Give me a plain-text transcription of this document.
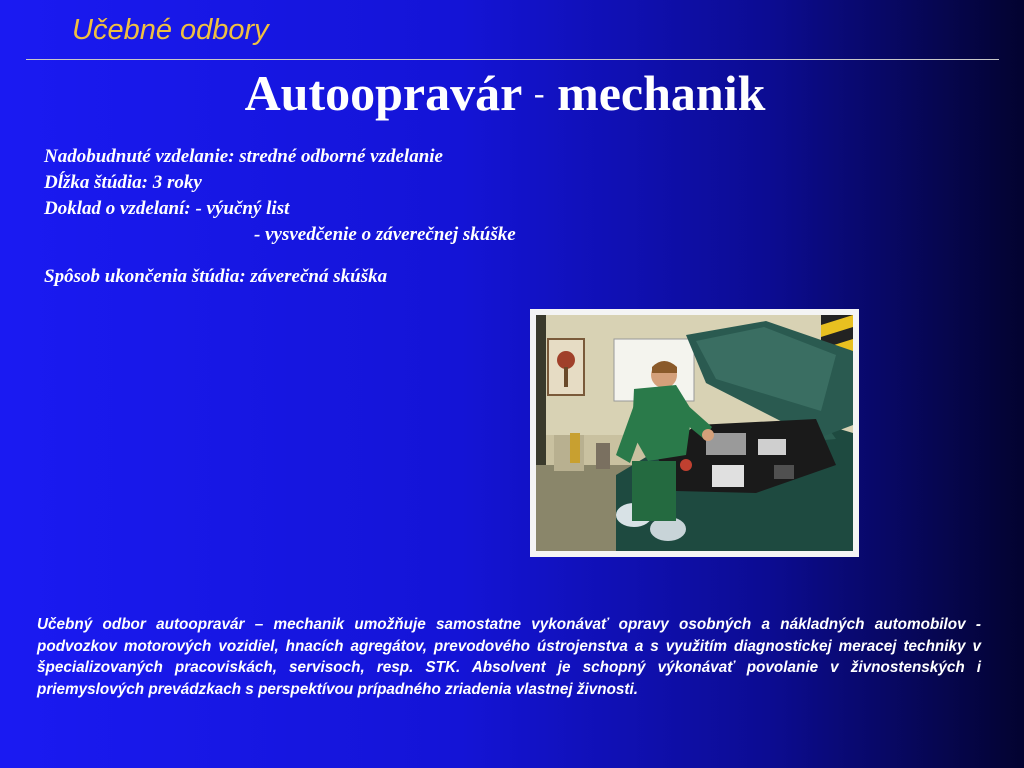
Učebné odbory
Autoopravár - mechanik
Nadobudnuté vzdelanie: stredné odborné vzdelanie
Dĺžka štúdia: 3 roky
Doklad o vzdelaní: - výučný list
- vysvedčenie o záverečnej skúške
Spôsob ukončenia štúdia: záverečná skúška
Učebný odbor autoopravár – mechanik umožňuje samostatne vykonávať opravy osobných a nákladných automobilov - podvozkov motorových vozidiel, hnacích agregátov, prevodového ústrojenstva a s využitím diagnostickej meracej techniky v špecializovaných pracoviskách, servisoch, resp. STK. Absolvent je schopný výkonávať povolanie v živnostenských i priemyslových prevádzkach s perspektívou prípadného zriadenia vlastnej živnosti.
